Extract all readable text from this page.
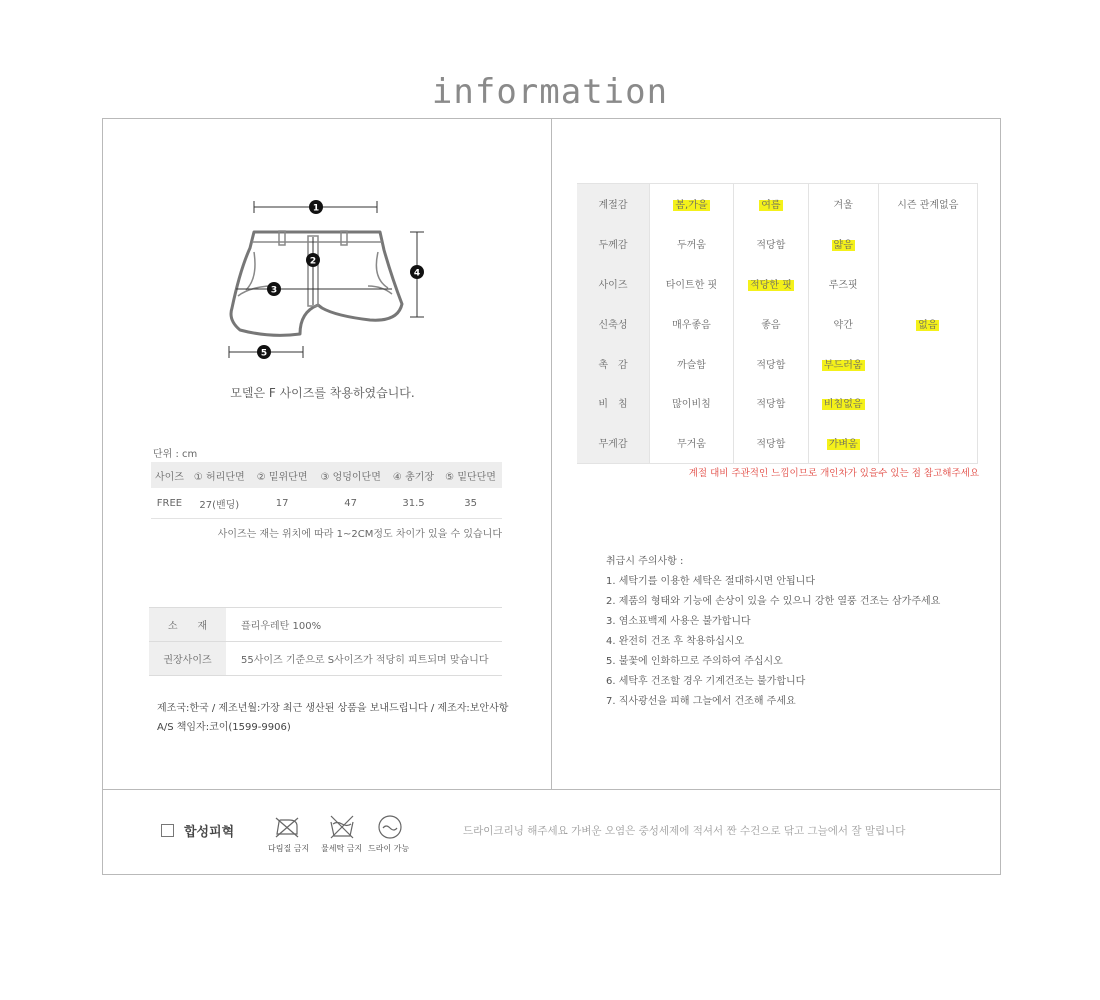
information
1
2
3
4
5
모델은 F 사이즈를 착용하였습니다.
단위 : cm
사이즈	① 허리단면	② 밑위단면	③ 엉덩이단면	④ 총기장	⑤ 밑단단면
FREE	27(밴딩)	17	47	31.5	35
사이즈는 재는 위치에 따라 1~2CM정도 차이가 있을 수 있습니다
소　　재	플리우레탄 100%
권장사이즈	55사이즈 기준으로 S사이즈가 적당히 피트되며 맞습니다
제조국:한국 / 제조년월:가장 최근 생산된 상품을 보내드립니다 / 제조자:보안사항
A/S 책임자:코이(1599-9906)
계절감	봄,가을	여름	겨울	시즌 관계없음
두께감	두꺼움	적당함	얇음	
사이즈	타이트한 핏	적당한 핏	루즈핏	
신축성	매우좋음	좋음	약간	없음
촉　감	까슬함	적당함	부드러움	
비　침	많이비침	적당함	비침없음	
무게감	무거움	적당함	가벼움	
계절 대비 주관적인 느낌이므로 개인차가 있을수 있는 점 참고해주세요
취급시 주의사항 :
1. 세탁기를 이용한 세탁은 절대하시면 안됩니다
2. 제품의 형태와 기능에 손상이 있을 수 있으니 강한 열풍 건조는 삼가주세요
3. 염소표백제 사용은 불가합니다
4. 완전히 건조 후 착용하십시오
5. 불꽃에 인화하므로 주의하여 주십시오
6. 세탁후 건조할 경우 기계건조는 불가합니다
7. 직사광선을 피해 그늘에서 건조해 주세요
합성피혁
다림질 금지 물세탁 금지 드라이 가능
드라이크리닝 해주세요 가벼운 오염은 중성세제에 적셔서 짠 수건으로 닦고 그늘에서 잘 말립니다
